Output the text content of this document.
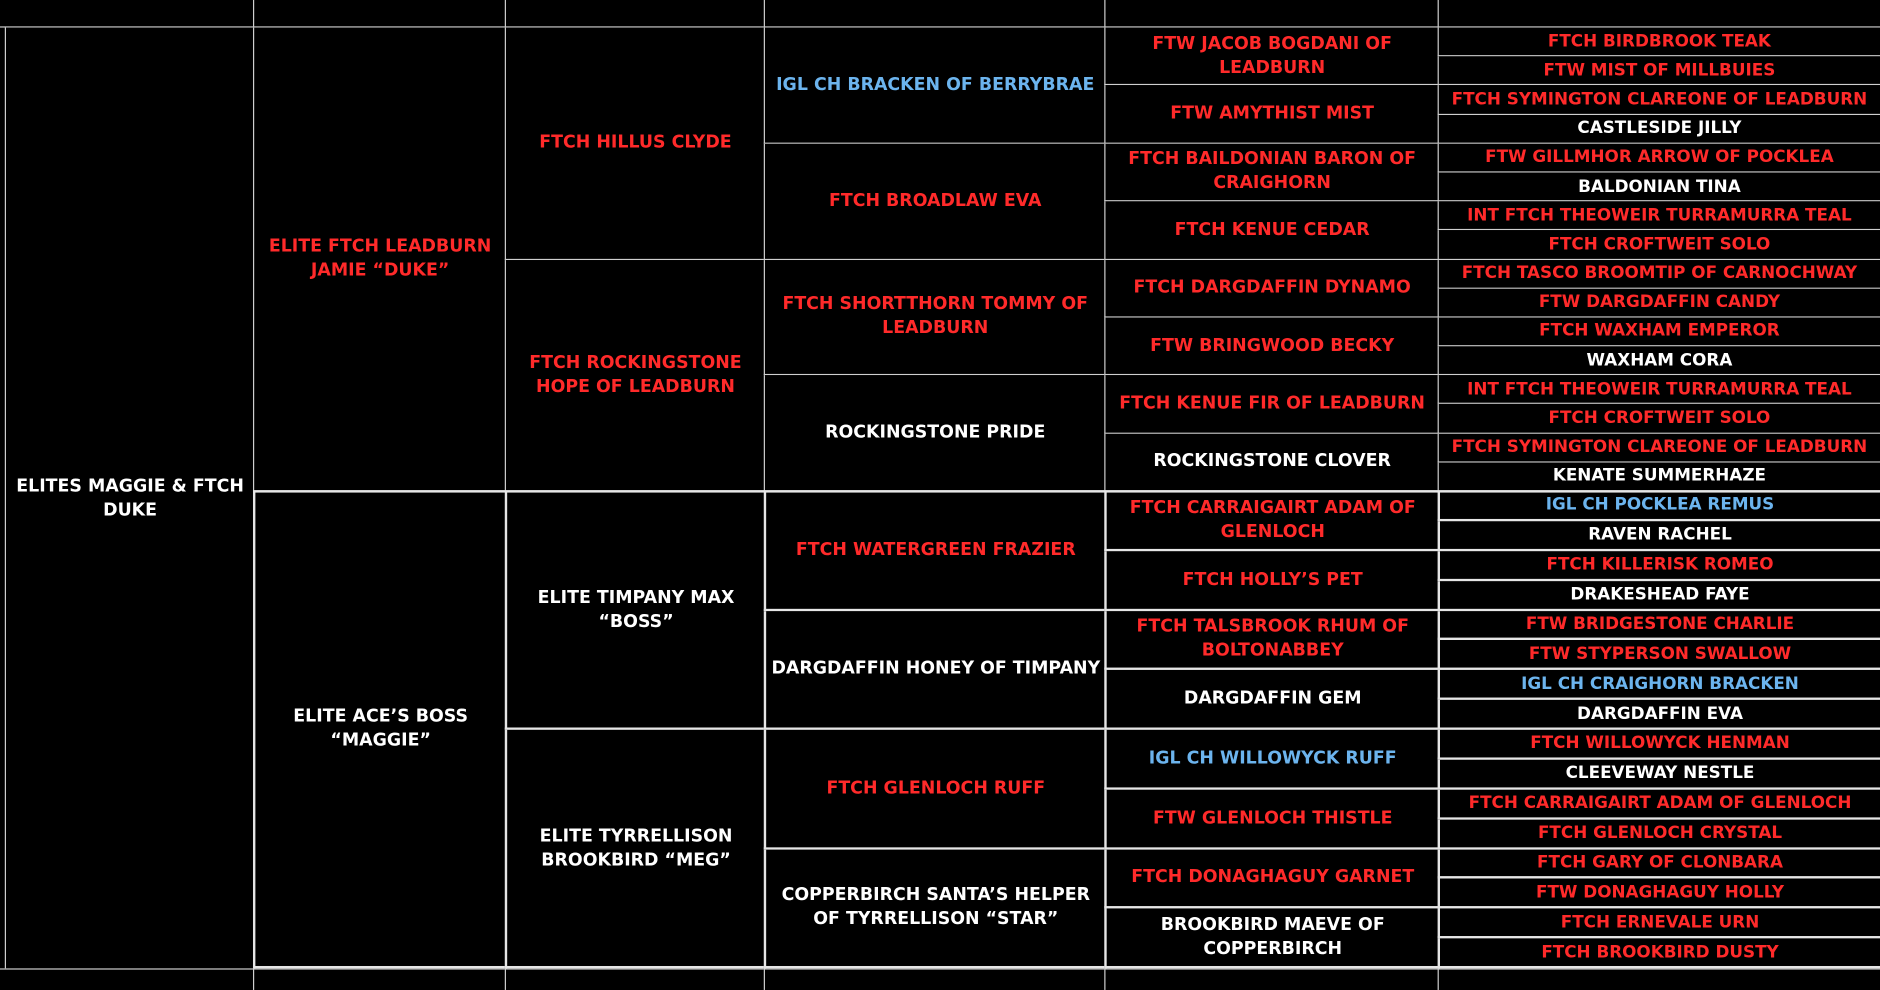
ELITES MAGGIE & FTCH DUKE
ELITE FTCH LEADBURN JAMIE “DUKE”
ELITE ACE’S BOSS “MAGGIE”
FTCH HILLUS CLYDE
FTCH ROCKINGSTONE HOPE OF LEADBURN
ELITE TIMPANY MAX “BOSS”
ELITE TYRRELLISON BROOKBIRD “MEG”
IGL CH BRACKEN OF BERRYBRAE
FTCH BROADLAW EVA
FTCH SHORTTHORN TOMMY OF LEADBURN
ROCKINGSTONE PRIDE
FTCH WATERGREEN FRAZIER
DARGDAFFIN HONEY OF TIMPANY
FTCH GLENLOCH RUFF
COPPERBIRCH SANTA’S HELPER OF TYRRELLISON “STAR”
FTW JACOB BOGDANI OF LEADBURN
FTW AMYTHIST MIST
FTCH BAILDONIAN BARON OF CRAIGHORN
FTCH KENUE CEDAR
FTCH DARGDAFFIN DYNAMO
FTW BRINGWOOD BECKY
FTCH KENUE FIR OF LEADBURN
ROCKINGSTONE CLOVER
FTCH CARRAIGAIRT ADAM OF GLENLOCH
FTCH HOLLY’S PET
FTCH TALSBROOK RHUM OF BOLTONABBEY
DARGDAFFIN GEM
IGL CH WILLOWYCK RUFF
FTW GLENLOCH THISTLE
FTCH DONAGHAGUY GARNET
BROOKBIRD MAEVE OF COPPERBIRCH
FTCH BIRDBROOK TEAK
FTW MIST OF MILLBUIES
FTCH SYMINGTON CLAREONE OF LEADBURN
CASTLESIDE JILLY
FTW GILLMHOR ARROW OF POCKLEA
BALDONIAN TINA
INT FTCH THEOWEIR TURRAMURRA TEAL
FTCH CROFTWEIT SOLO
FTCH TASCO BROOMTIP OF CARNOCHWAY
FTW DARGDAFFIN CANDY
FTCH WAXHAM EMPEROR
WAXHAM CORA
INT FTCH THEOWEIR TURRAMURRA TEAL
FTCH CROFTWEIT SOLO
FTCH SYMINGTON CLAREONE OF LEADBURN
KENATE SUMMERHAZE
IGL CH POCKLEA REMUS
RAVEN RACHEL
FTCH KILLERISK ROMEO
DRAKESHEAD FAYE
FTW BRIDGESTONE CHARLIE
FTW STYPERSON SWALLOW
IGL CH CRAIGHORN BRACKEN
DARGDAFFIN EVA
FTCH WILLOWYCK HENMAN
CLEEVEWAY NESTLE
FTCH CARRAIGAIRT ADAM OF GLENLOCH
FTCH GLENLOCH CRYSTAL
FTCH GARY OF CLONBARA
FTW DONAGHAGUY HOLLY
FTCH ERNEVALE URN
FTCH BROOKBIRD DUSTY
